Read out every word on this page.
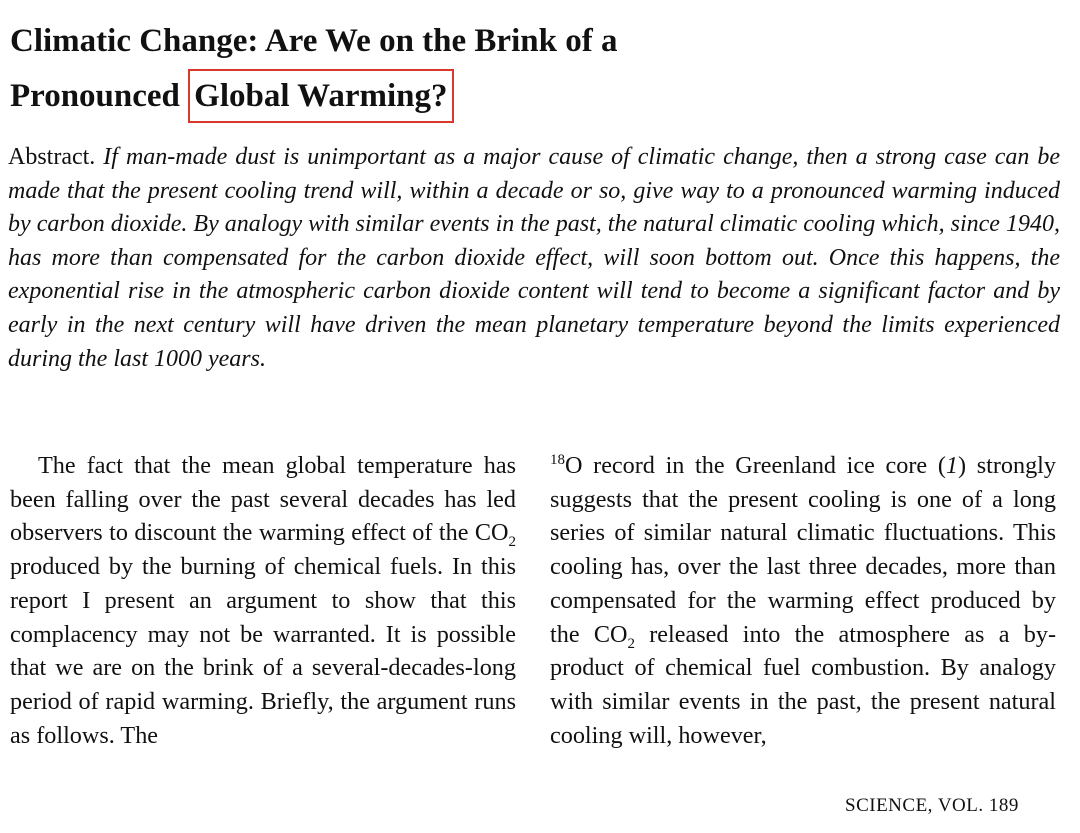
Climatic Change: Are We on the Brink of a
Pronounced Global Warming?

Abstract. If man-made dust is unimportant as a major cause of climatic change, then a strong case can be made that the present cooling trend will, within a decade or so, give way to a pronounced warming induced by carbon dioxide. By analogy with similar events in the past, the natural climatic cooling which, since 1940, has more than compensated for the carbon dioxide effect, will soon bottom out. Once this happens, the exponential rise in the atmospheric carbon dioxide content will tend to become a significant factor and by early in the next century will have driven the mean planetary temperature beyond the limits experienced during the last 1000 years.

The fact that the mean global temperature has been falling over the past several decades has led observers to discount the warming effect of the $CO_2$ produced by the burning of chemical fuels. In this report I present an argument to show that this complacency may not be warranted. It is possible that we are on the brink of a several-decades-long period of rapid warming. Briefly, the argument runs as follows. The

$^{18}$O record in the Greenland ice core (1) strongly suggests that the present cooling is one of a long series of similar natural climatic fluctuations. This cooling has, over the last three decades, more than compensated for the warming effect produced by the $CO_2$ released into the atmosphere as a by-product of chemical fuel combustion. By analogy with similar events in the past, the present natural cooling will, however,

SCIENCE, VOL. 189
